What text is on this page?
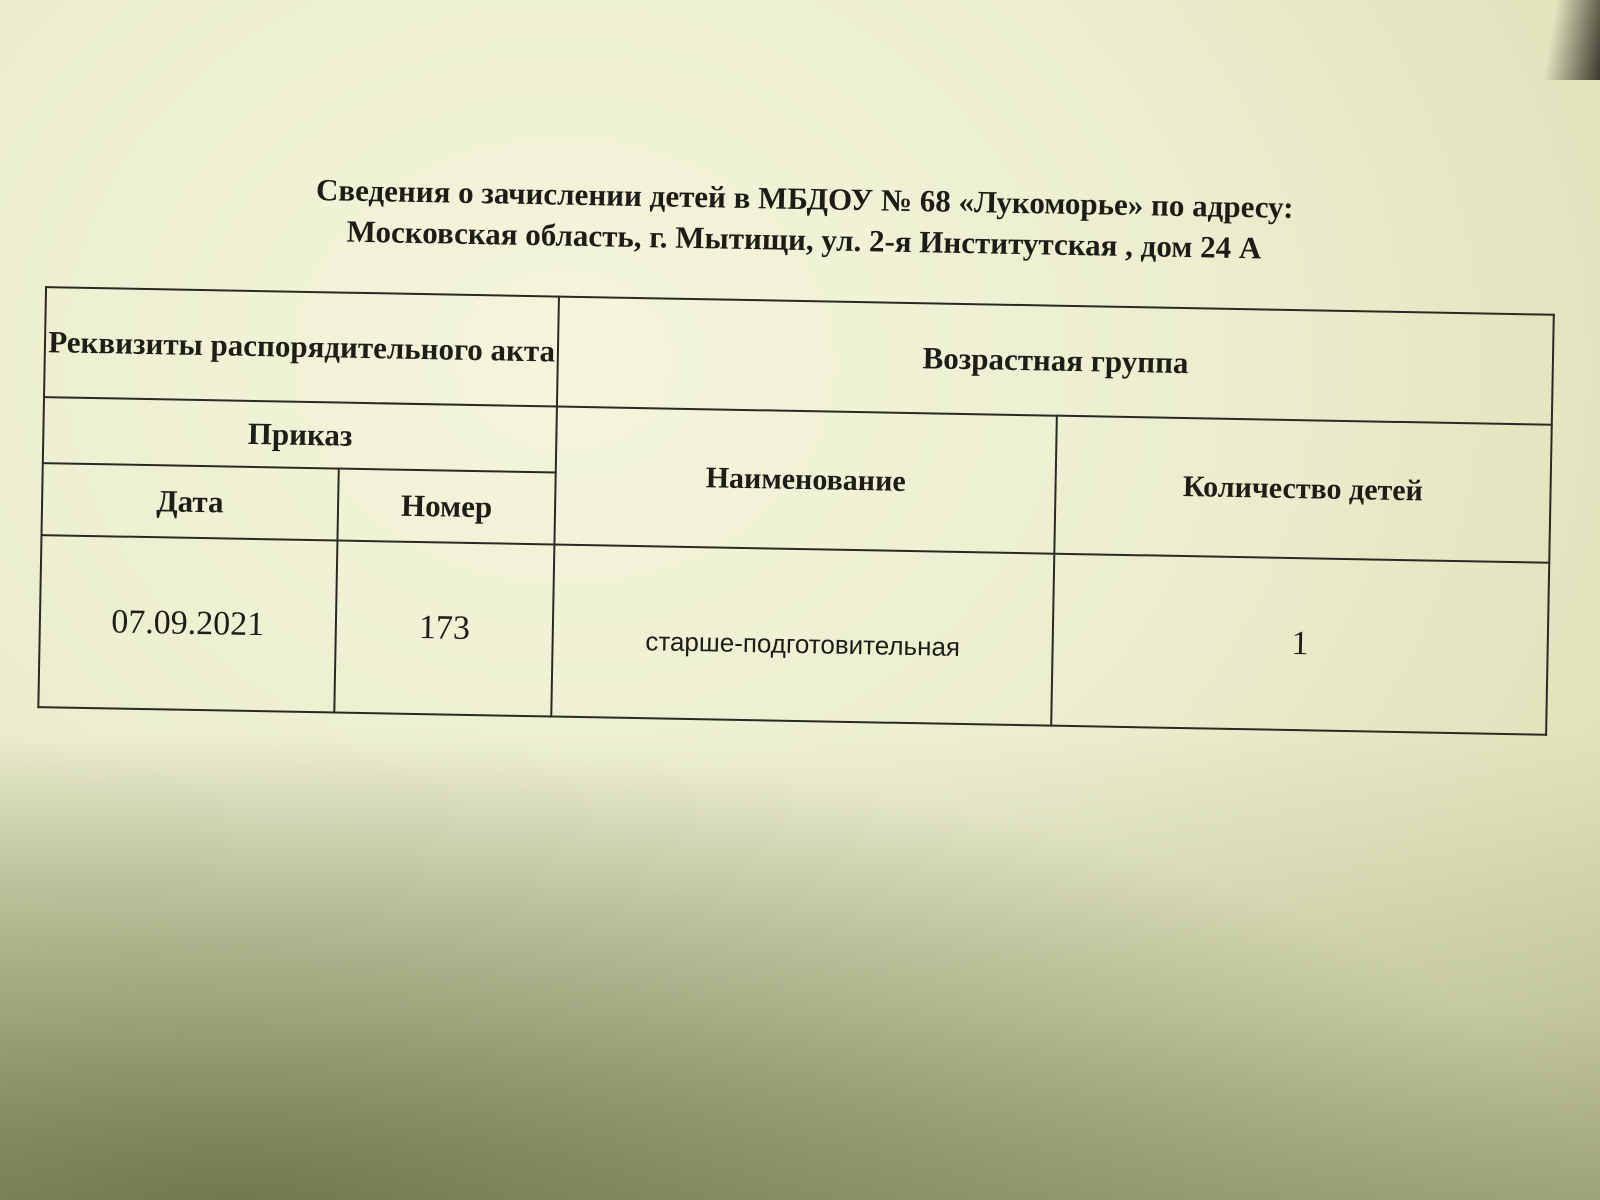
Сведения о зачислении детей в МБДОУ № 68 «Лукоморье» по адресу:
Московская область, г. Мытищи, ул. 2-я Институтская , дом 24 А
Реквизиты распорядительного акта		Возрастная группа	
Приказ		Наименование	Количество детей
Дата	Номер		
07.09.2021	173	старше-подготовительная	1
